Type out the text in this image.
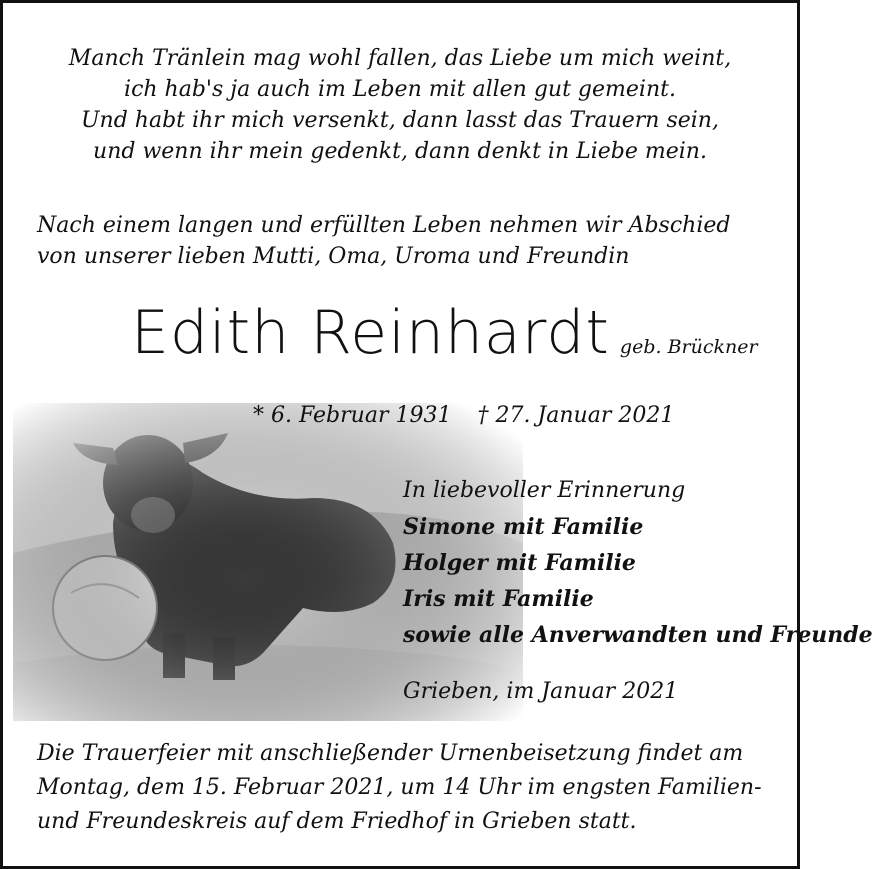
Manch Tränlein mag wohl fallen, das Liebe um mich weint,
ich hab's ja auch im Leben mit allen gut gemeint.
Und habt ihr mich versenkt, dann lasst das Trauern sein,
und wenn ihr mein gedenkt, dann denkt in Liebe mein.
Nach einem langen und erfüllten Leben nehmen wir Abschied von unserer lieben Mutti, Oma, Uroma und Freundin
Edith Reinhardt geb. Brückner
* 6. Februar 1931 † 27. Januar 2021
In liebevoller Erinnerung
Simone mit Familie
Holger mit Familie
Iris mit Familie
sowie alle Anverwandten und Freunde
Grieben, im Januar 2021
Die Trauerfeier mit anschließender Urnenbeisetzung findet am Montag, dem 15. Februar 2021, um 14 Uhr im engsten Familien- und Freundeskreis auf dem Friedhof in Grieben statt.
